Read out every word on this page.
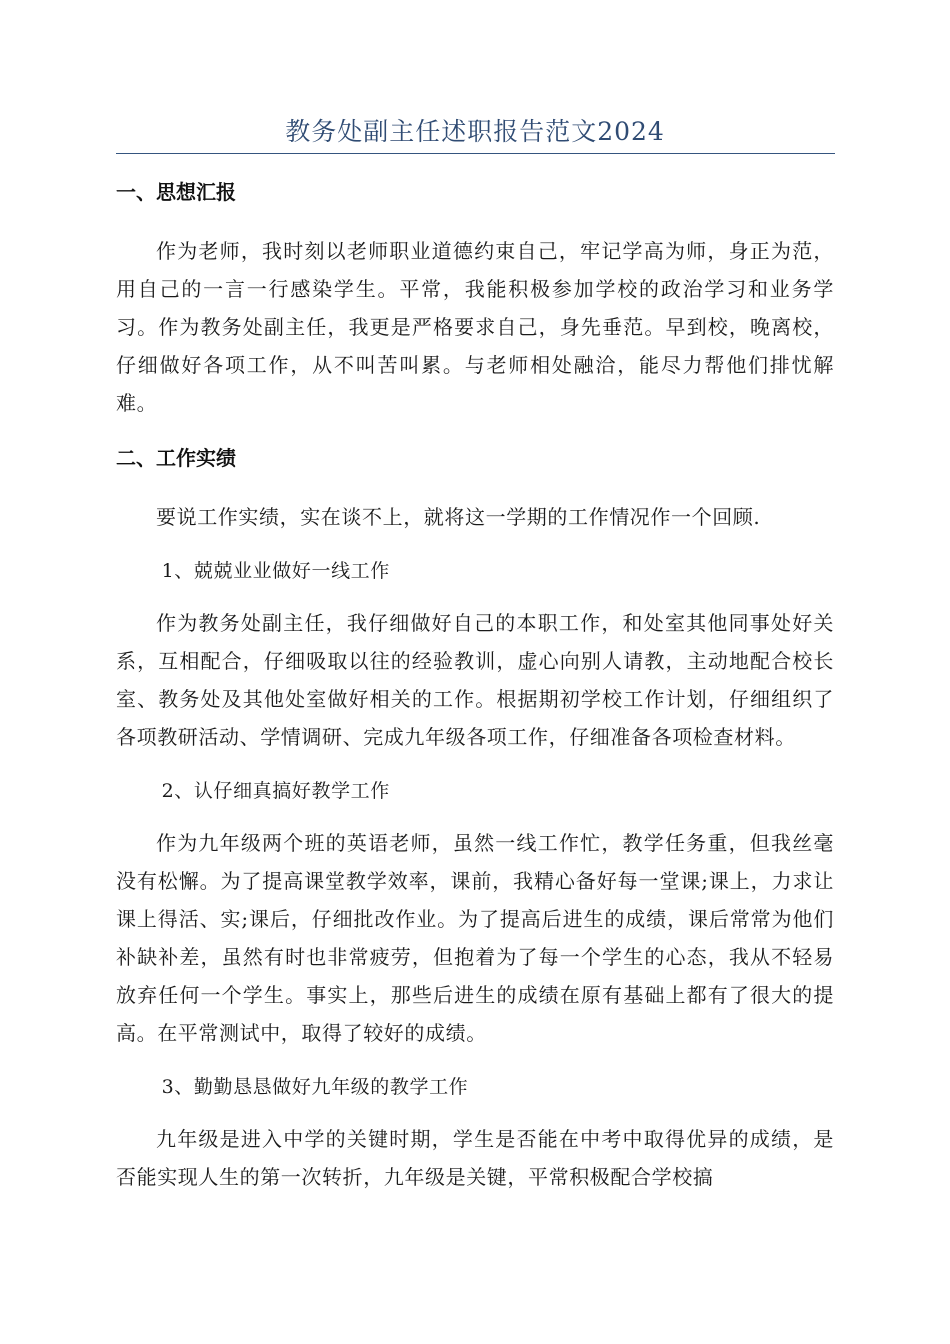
教务处副主任述职报告范文2024
一、思想汇报

作为老师，我时刻以老师职业道德约束自己，牢记学高为师，身正为范，用自己的一言一行感染学生。平常，我能积极参加学校的政治学习和业务学习。作为教务处副主任，我更是严格要求自己，身先垂范。早到校，晚离校，仔细做好各项工作，从不叫苦叫累。与老师相处融洽，能尽力帮他们排忧解难。

二、工作实绩

要说工作实绩，实在谈不上，就将这一学期的工作情况作一个回顾.

1、兢兢业业做好一线工作

作为教务处副主任，我仔细做好自己的本职工作，和处室其他同事处好关系，互相配合，仔细吸取以往的经验教训，虚心向别人请教，主动地配合校长室、教务处及其他处室做好相关的工作。根据期初学校工作计划，仔细组织了各项教研活动、学情调研、完成九年级各项工作，仔细准备各项检查材料。

2、认仔细真搞好教学工作

作为九年级两个班的英语老师，虽然一线工作忙，教学任务重，但我丝毫没有松懈。为了提高课堂教学效率，课前，我精心备好每一堂课;课上，力求让课上得活、实;课后，仔细批改作业。为了提高后进生的成绩，课后常常为他们补缺补差，虽然有时也非常疲劳，但抱着为了每一个学生的心态，我从不轻易放弃任何一个学生。事实上，那些后进生的成绩在原有基础上都有了很大的提高。在平常测试中，取得了较好的成绩。

3、勤勤恳恳做好九年级的教学工作

九年级是进入中学的关键时期，学生是否能在中考中取得优异的成绩，是否能实现人生的第一次转折，九年级是关键，平常积极配合学校搞
